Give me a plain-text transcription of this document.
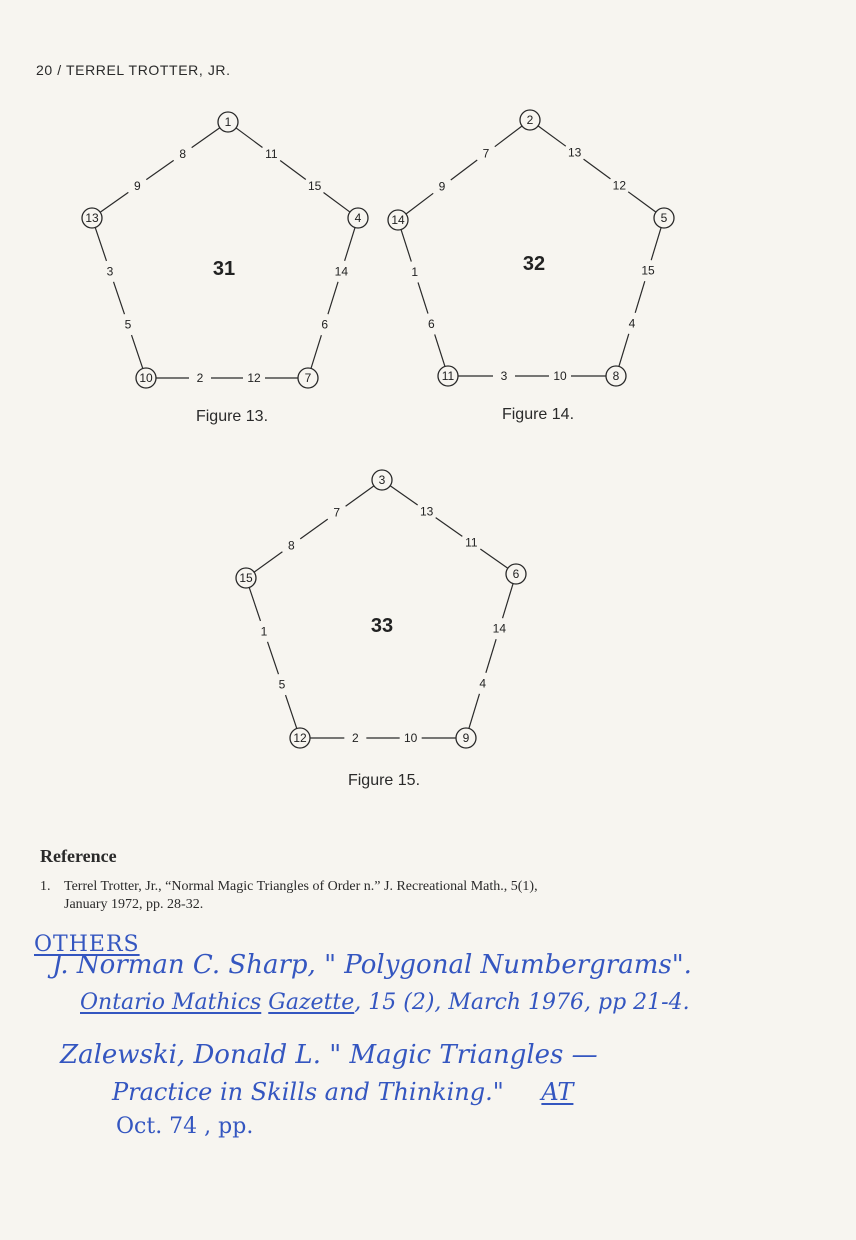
20 / TERREL TROTTER, JR.
11
15
14
6
12
2
5
3
9
8
1
4
7
10
13
31
13
12
15
4
10
3
6
1
9
7
2
5
8
11
14
32
13
11
14
4
10
2
5
1
8
7
3
6
9
12
15
33
Figure 13.	Figure 14.
Figure 15.
Reference
1. Terrel Trotter, Jr., “Normal Magic Triangles of Order n.” J. Recreational Math., 5(1),
January 1972, pp. 28-32.
OTHERS
J. Norman C. Sharp, " Polygonal Numbergrams".
Ontario Mathics Gazette, 15 (2), March 1976, pp 21-4.
Zalewski, Donald L. " Magic Triangles —
Practice in Skills and Thinking." AT
Oct. 74 , pp.
